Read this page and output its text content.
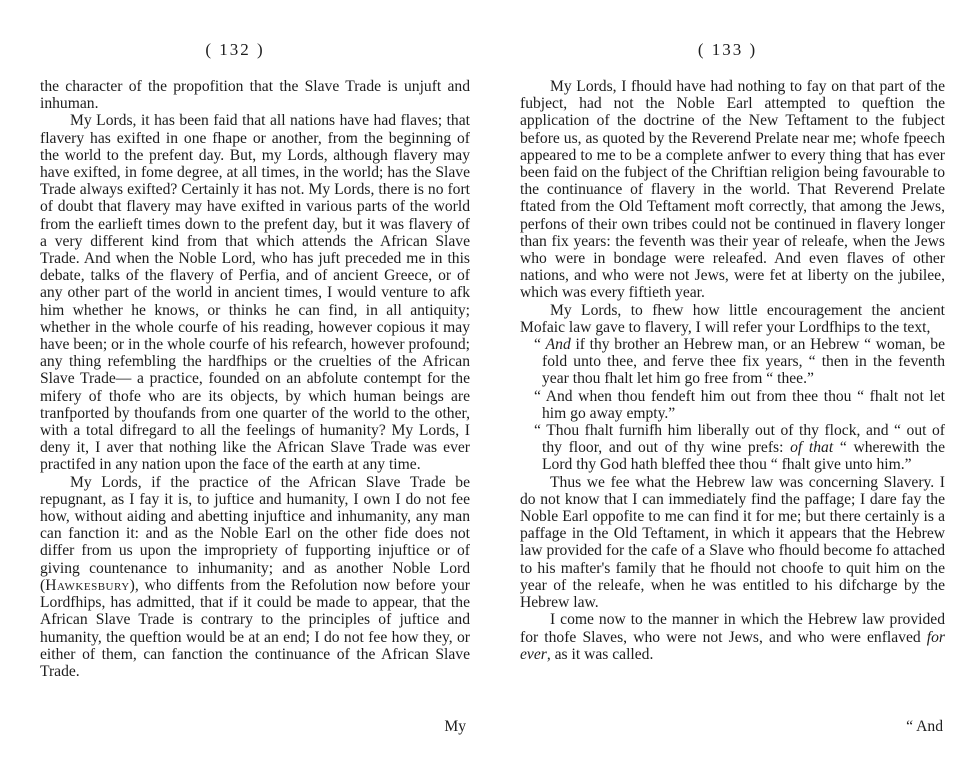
( 132 )

the character of the propofition that the Slave Trade is unjuft and inhuman.

My Lords, it has been faid that all nations have had flaves; that flavery has exifted in one fhape or another, from the beginning of the world to the prefent day. But, my Lords, although flavery may have exifted, in fome degree, at all times, in the world; has the Slave Trade always exifted? Certainly it has not. My Lords, there is no fort of doubt that flavery may have exifted in various parts of the world from the earlieft times down to the prefent day, but it was flavery of a very different kind from that which attends the African Slave Trade. And when the Noble Lord, who has juft preceded me in this debate, talks of the flavery of Perfia, and of ancient Greece, or of any other part of the world in ancient times, I would venture to afk him whether he knows, or thinks he can find, in all antiquity; whether in the whole courfe of his reading, however copious it may have been; or in the whole courfe of his refearch, however profound; any thing refembling the hardfhips or the cruelties of the African Slave Trade— a practice, founded on an abfolute contempt for the mifery of thofe who are its objects, by which human beings are tranfported by thoufands from one quarter of the world to the other, with a total difregard to all the feelings of humanity? My Lords, I deny it, I aver that nothing like the African Slave Trade was ever practifed in any nation upon the face of the earth at any time.

My Lords, if the practice of the African Slave Trade be repugnant, as I fay it is, to juftice and humanity, I own I do not fee how, without aiding and abetting injuftice and inhumanity, any man can fanction it: and as the Noble Earl on the other fide does not differ from us upon the impropriety of fupporting injuftice or of giving countenance to inhumanity; and as another Noble Lord (Hawkesbury), who diffents from the Refolution now before your Lordfhips, has admitted, that if it could be made to appear, that the African Slave Trade is contrary to the principles of juftice and humanity, the queftion would be at an end; I do not fee how they, or either of them, can fanction the continuance of the African Slave Trade.

My
( 133 )

My Lords, I fhould have had nothing to fay on that part of the fubject, had not the Noble Earl attempted to queftion the application of the doctrine of the New Teftament to the fubject before us, as quoted by the Reverend Prelate near me; whofe fpeech appeared to me to be a complete anfwer to every thing that has ever been faid on the fubject of the Chriftian religion being favourable to the continuance of flavery in the world. That Reverend Prelate ftated from the Old Teftament moft correctly, that among the Jews, perfons of their own tribes could not be continued in flavery longer than fix years: the feventh was their year of releafe, when the Jews who were in bondage were releafed. And even flaves of other nations, and who were not Jews, were fet at liberty on the jubilee, which was every fiftieth year.

My Lords, to fhew how little encouragement the ancient Mofaic law gave to flavery, I will refer your Lordfhips to the text,

“ And if thy brother an Hebrew man, or an Hebrew “ woman, be fold unto thee, and ferve thee fix years, “ then in the feventh year thou fhalt let him go free from “ thee.”

“ And when thou fendeft him out from thee thou “ fhalt not let him go away empty.”

“ Thou fhalt furnifh him liberally out of thy flock, and “ out of thy floor, and out of thy wine prefs: of that “ wherewith the Lord thy God hath bleffed thee thou “ fhalt give unto him.”

Thus we fee what the Hebrew law was concerning Slavery. I do not know that I can immediately find the paffage; I dare fay the Noble Earl oppofite to me can find it for me; but there certainly is a paffage in the Old Teftament, in which it appears that the Hebrew law provided for the cafe of a Slave who fhould become fo attached to his mafter's family that he fhould not choofe to quit him on the year of the releafe, when he was entitled to his difcharge by the Hebrew law.

I come now to the manner in which the Hebrew law provided for thofe Slaves, who were not Jews, and who were enflaved for ever, as it was called.

“ And
